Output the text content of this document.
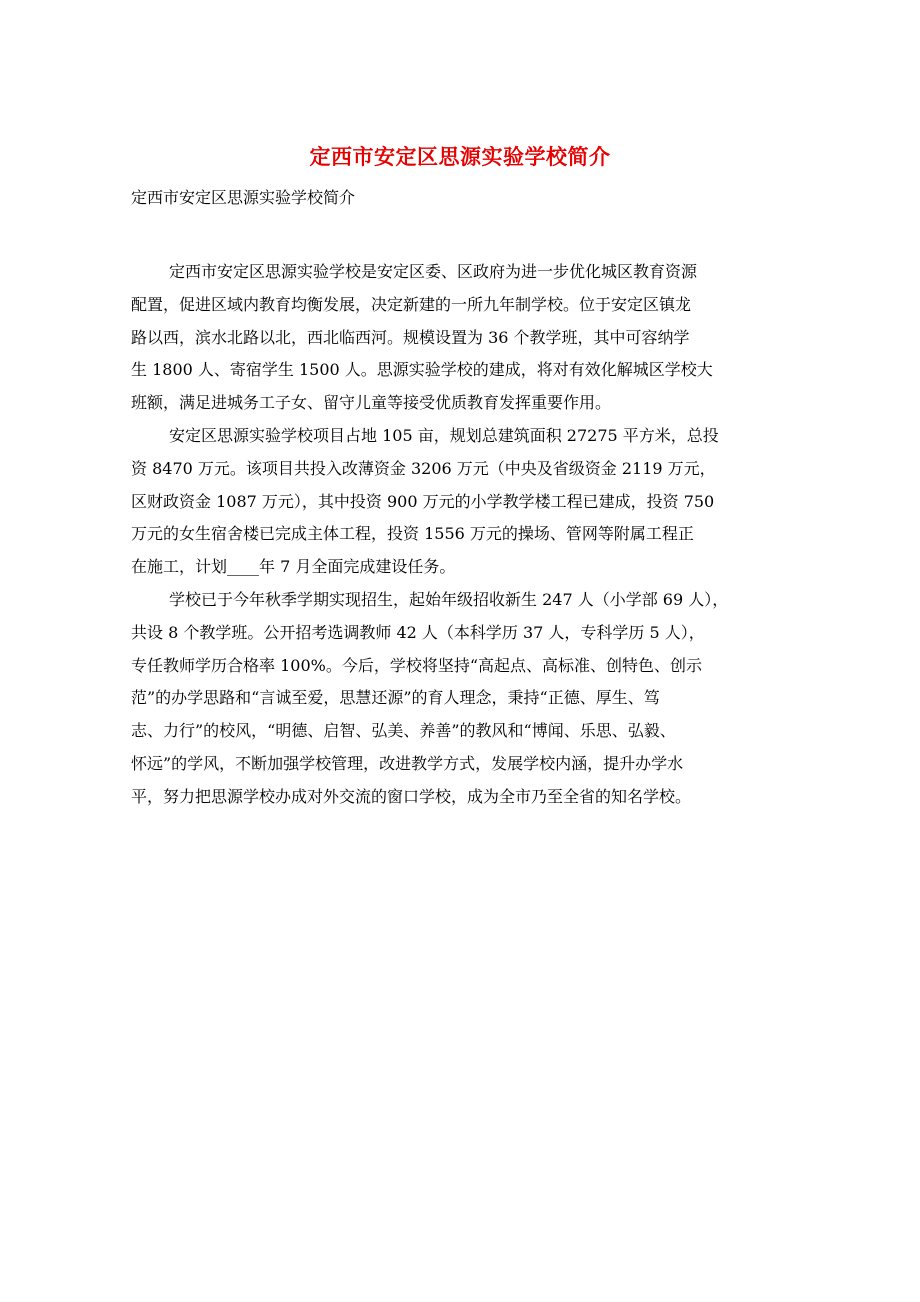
定西市安定区思源实验学校简介

定西市安定区思源实验学校简介

定西市安定区思源实验学校是安定区委、区政府为进一步优化城区教育资源
配置，促进区域内教育均衡发展，决定新建的一所九年制学校。位于安定区镇龙
路以西，滨水北路以北，西北临西河。规模设置为 36 个教学班，其中可容纳学
生 1800 人、寄宿学生 1500 人。思源实验学校的建成，将对有效化解城区学校大
班额，满足进城务工子女、留守儿童等接受优质教育发挥重要作用。

安定区思源实验学校项目占地 105 亩，规划总建筑面积 27275 平方米，总投
资 8470 万元。该项目共投入改薄资金 3206 万元（中央及省级资金 2119 万元，
区财政资金 1087 万元），其中投资 900 万元的小学教学楼工程已建成，投资 750
万元的女生宿舍楼已完成主体工程，投资 1556 万元的操场、管网等附属工程正
在施工，计划____年 7 月全面完成建设任务。

学校已于今年秋季学期实现招生，起始年级招收新生 247 人（小学部 69 人），
共设 8 个教学班。公开招考选调教师 42 人（本科学历 37 人，专科学历 5 人），
专任教师学历合格率 100%。今后，学校将坚持“高起点、高标准、创特色、创示
范”的办学思路和“言诚至爱，思慧还源”的育人理念，秉持“正德、厚生、笃
志、力行”的校风，“明德、启智、弘美、养善”的教风和“博闻、乐思、弘毅、
怀远”的学风，不断加强学校管理，改进教学方式，发展学校内涵，提升办学水
平，努力把思源学校办成对外交流的窗口学校，成为全市乃至全省的知名学校。
